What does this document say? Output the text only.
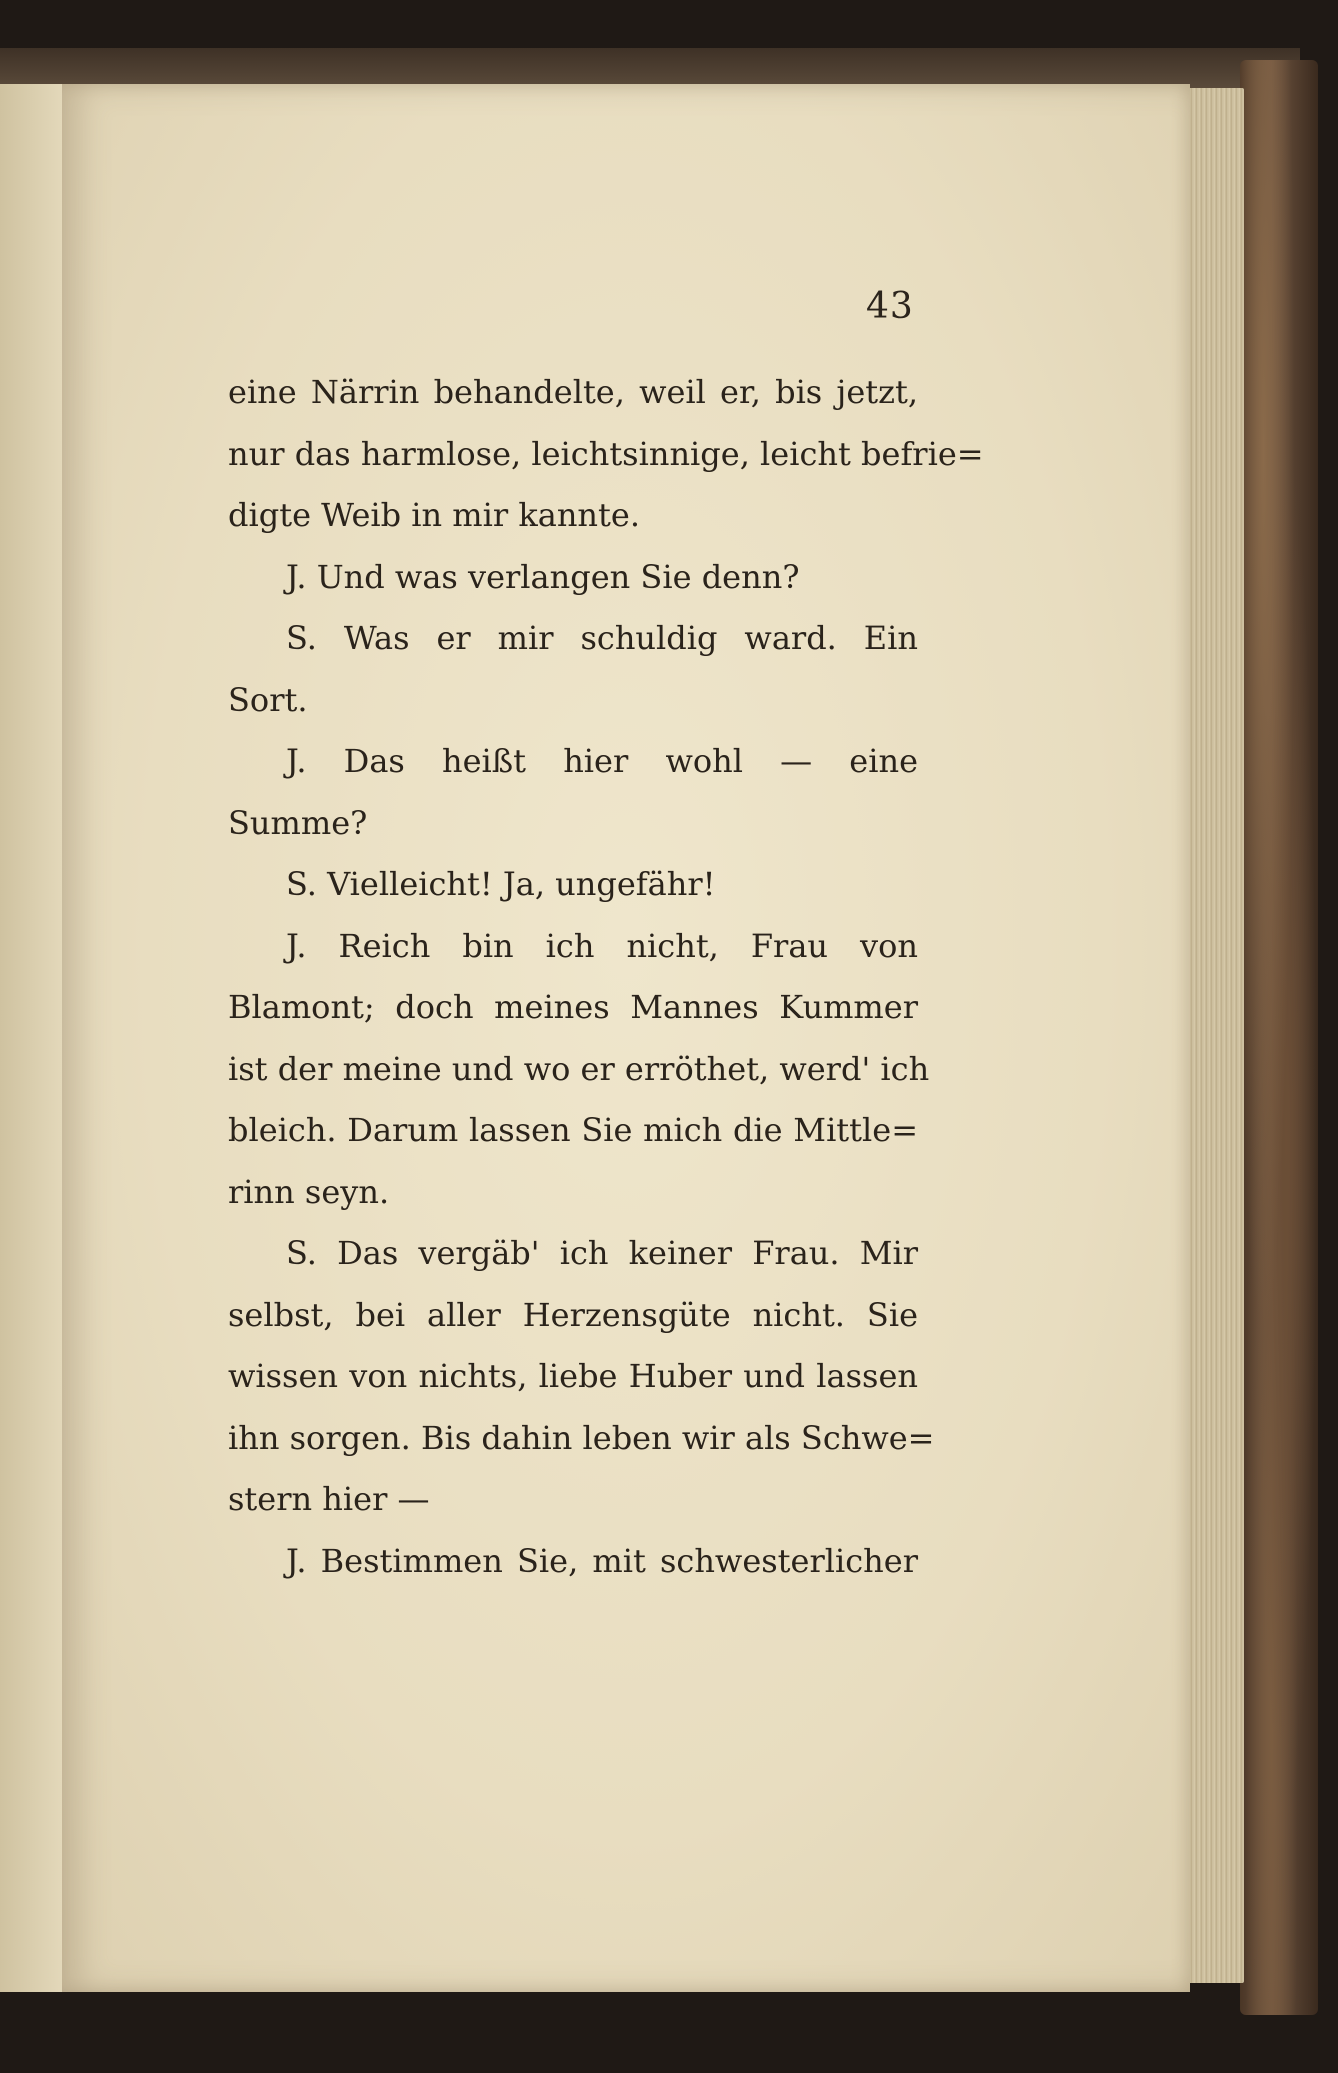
43
eine Närrin behandelte, weil er, bis jetzt,
nur das harmlose, leichtsinnige, leicht befrie=
digte Weib in mir kannte.
J. Und was verlangen Sie denn?
S. Was er mir schuldig ward. Ein
Sort.
J. Das heißt hier wohl — eine
Summe?
S. Vielleicht! Ja, ungefähr!
J. Reich bin ich nicht, Frau von
Blamont; doch meines Mannes Kummer
ist der meine und wo er erröthet, werd' ich
bleich. Darum lassen Sie mich die Mittle=
rinn seyn.
S. Das vergäb' ich keiner Frau. Mir
selbst, bei aller Herzensgüte nicht. Sie
wissen von nichts, liebe Huber und lassen
ihn sorgen. Bis dahin leben wir als Schwe=
stern hier —
J. Bestimmen Sie, mit schwesterlicher
